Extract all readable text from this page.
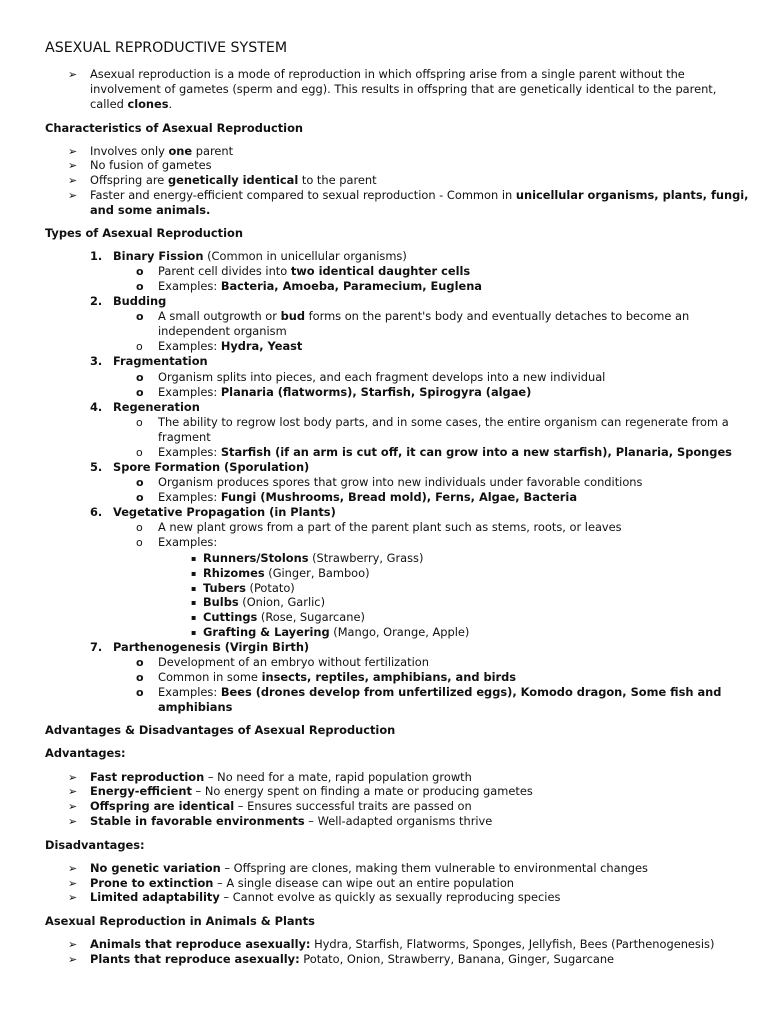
ASEXUAL REPRODUCTIVE SYSTEM
➢ Asexual reproduction is a mode of reproduction in which offspring arise from a single parent without the
involvement of gametes (sperm and egg). This results in offspring that are genetically identical to the parent,
called clones.
Characteristics of Asexual Reproduction
➢ Involves only one parent
➢ No fusion of gametes
➢ Offspring are genetically identical to the parent
➢ Faster and energy-efficient compared to sexual reproduction - Common in unicellular organisms, plants, fungi,
and some animals.
Types of Asexual Reproduction
1. Binary Fission (Common in unicellular organisms)
o Parent cell divides into two identical daughter cells
o Examples: Bacteria, Amoeba, Paramecium, Euglena
2. Budding
o A small outgrowth or bud forms on the parent's body and eventually detaches to become an
independent organism
o Examples: Hydra, Yeast
3. Fragmentation
o Organism splits into pieces, and each fragment develops into a new individual
o Examples: Planaria (flatworms), Starfish, Spirogyra (algae)
4. Regeneration
o The ability to regrow lost body parts, and in some cases, the entire organism can regenerate from a
fragment
o Examples: Starfish (if an arm is cut off, it can grow into a new starfish), Planaria, Sponges
5. Spore Formation (Sporulation)
o Organism produces spores that grow into new individuals under favorable conditions
o Examples: Fungi (Mushrooms, Bread mold), Ferns, Algae, Bacteria
6. Vegetative Propagation (in Plants)
o A new plant grows from a part of the parent plant such as stems, roots, or leaves
o Examples:
▪ Runners/Stolons (Strawberry, Grass)
▪ Rhizomes (Ginger, Bamboo)
▪ Tubers (Potato)
▪ Bulbs (Onion, Garlic)
▪ Cuttings (Rose, Sugarcane)
▪ Grafting & Layering (Mango, Orange, Apple)
7. Parthenogenesis (Virgin Birth)
o Development of an embryo without fertilization
o Common in some insects, reptiles, amphibians, and birds
o Examples: Bees (drones develop from unfertilized eggs), Komodo dragon, Some fish and
amphibians
Advantages & Disadvantages of Asexual Reproduction
Advantages:
➢ Fast reproduction – No need for a mate, rapid population growth
➢ Energy-efficient – No energy spent on finding a mate or producing gametes
➢ Offspring are identical – Ensures successful traits are passed on
➢ Stable in favorable environments – Well-adapted organisms thrive
Disadvantages:
➢ No genetic variation – Offspring are clones, making them vulnerable to environmental changes
➢ Prone to extinction – A single disease can wipe out an entire population
➢ Limited adaptability – Cannot evolve as quickly as sexually reproducing species
Asexual Reproduction in Animals & Plants
➢ Animals that reproduce asexually: Hydra, Starfish, Flatworms, Sponges, Jellyfish, Bees (Parthenogenesis)
➢ Plants that reproduce asexually: Potato, Onion, Strawberry, Banana, Ginger, Sugarcane
